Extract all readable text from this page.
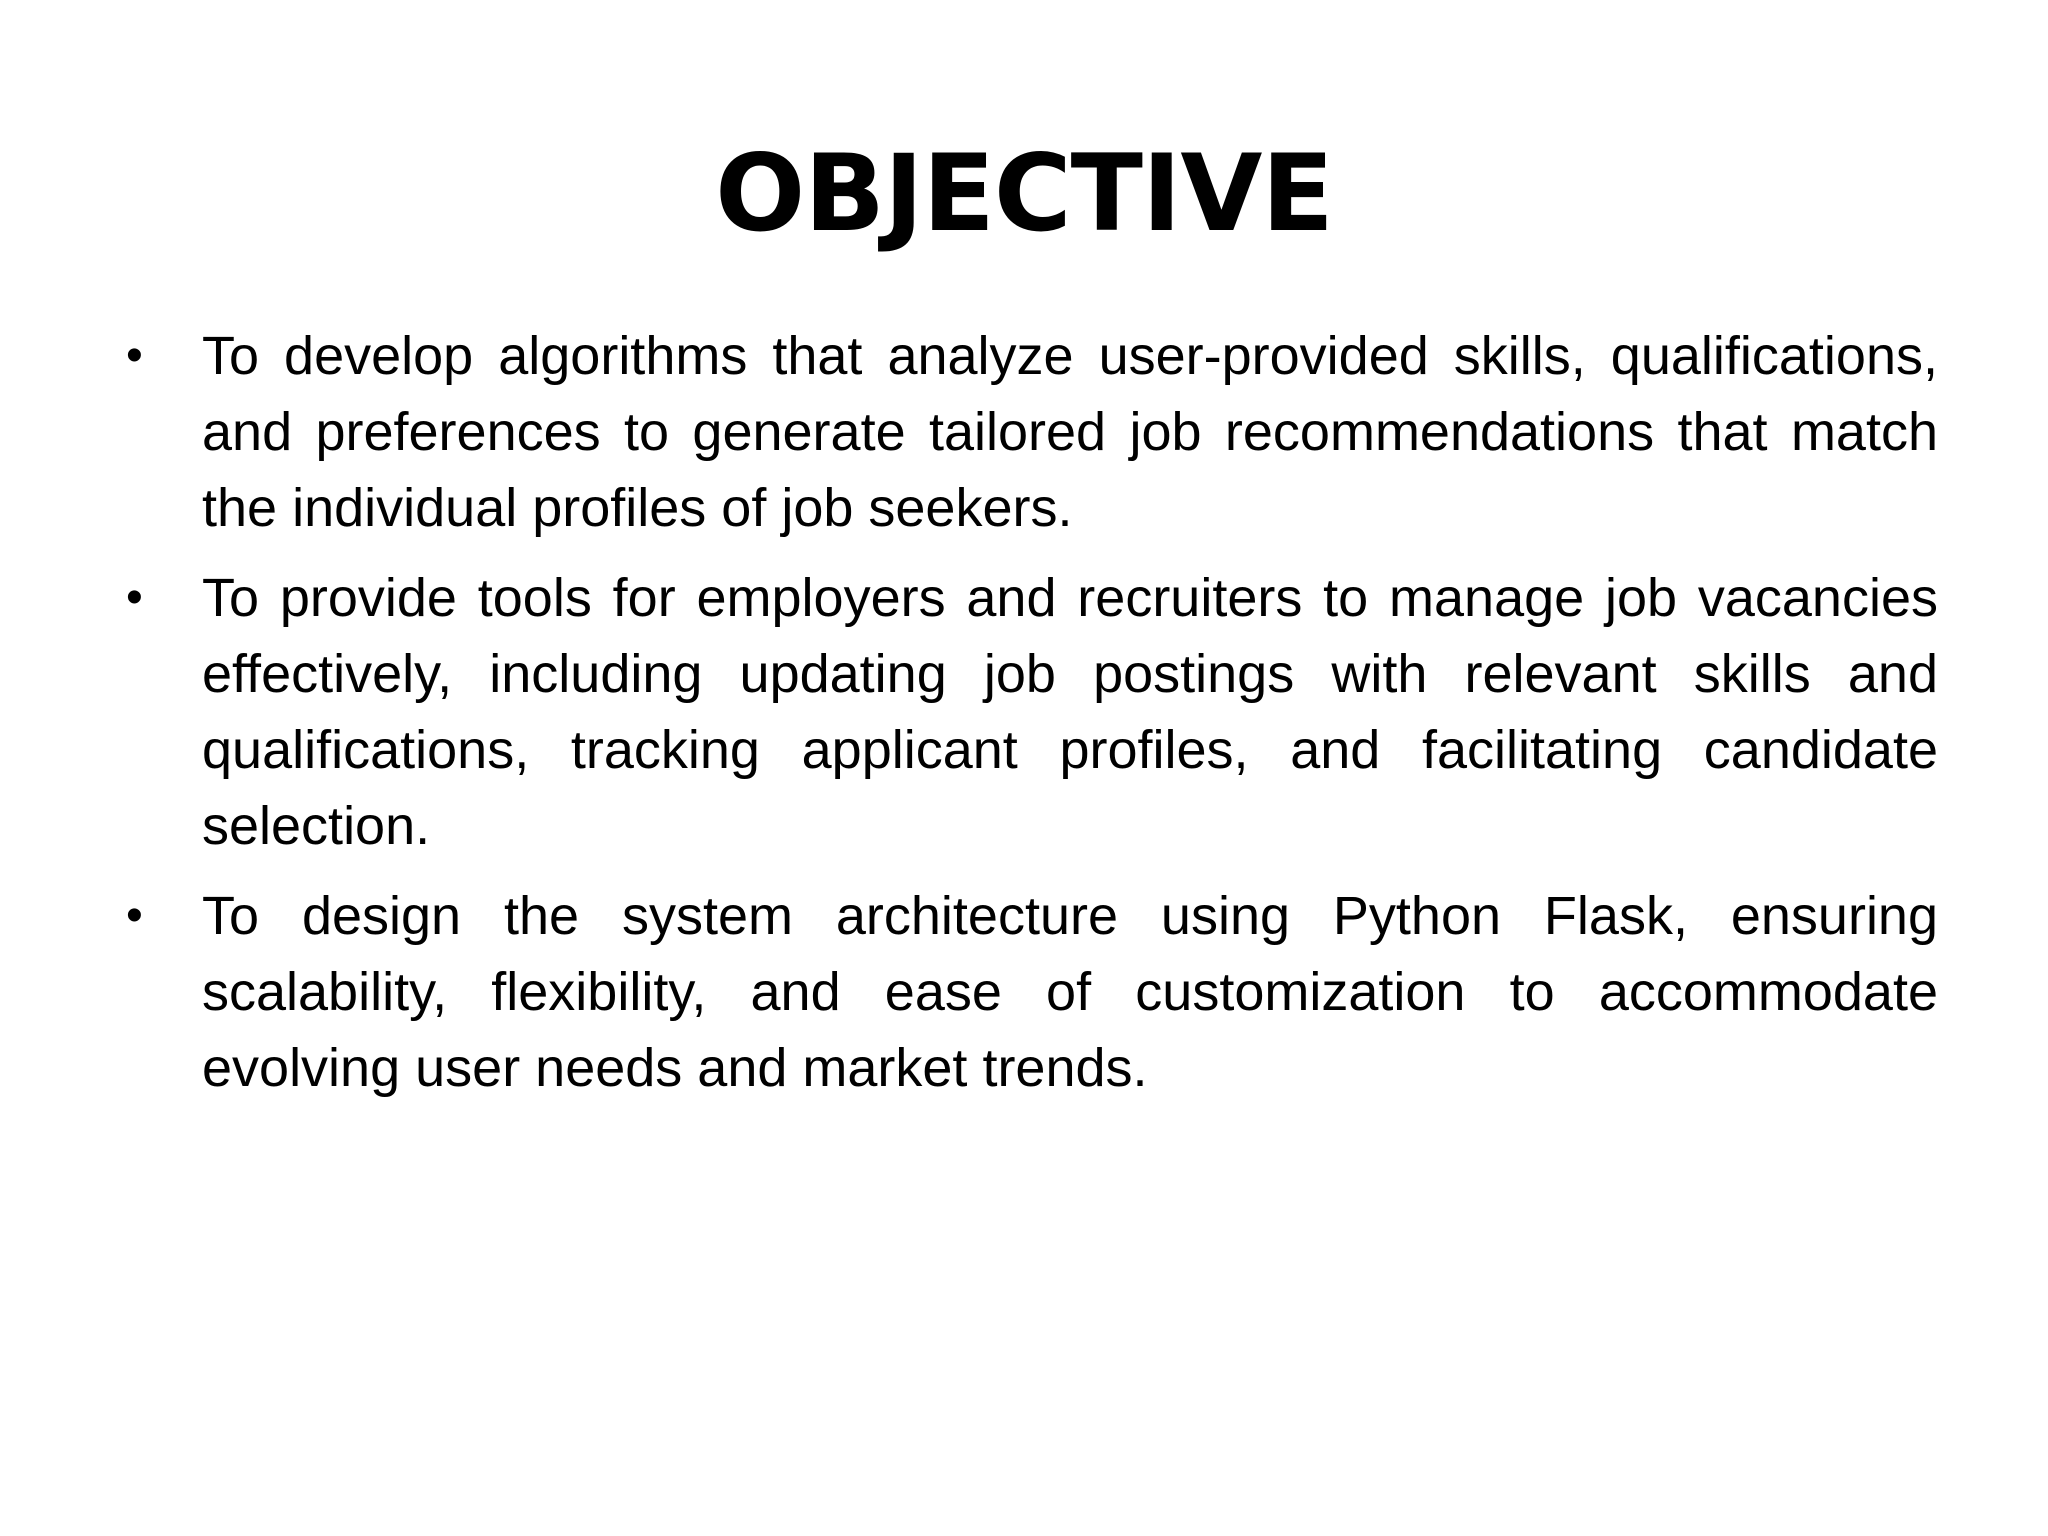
OBJECTIVE
• To develop algorithms that analyze user-provided skills, qualifications, and preferences to generate tailored job recommendations that match the individual profiles of job seekers.
• To provide tools for employers and recruiters to manage job vacancies effectively, including updating job postings with relevant skills and qualifications, tracking applicant profiles, and facilitating candidate selection.
• To design the system architecture using Python Flask, ensuring scalability, flexibility, and ease of customization to accommodate evolving user needs and market trends.
